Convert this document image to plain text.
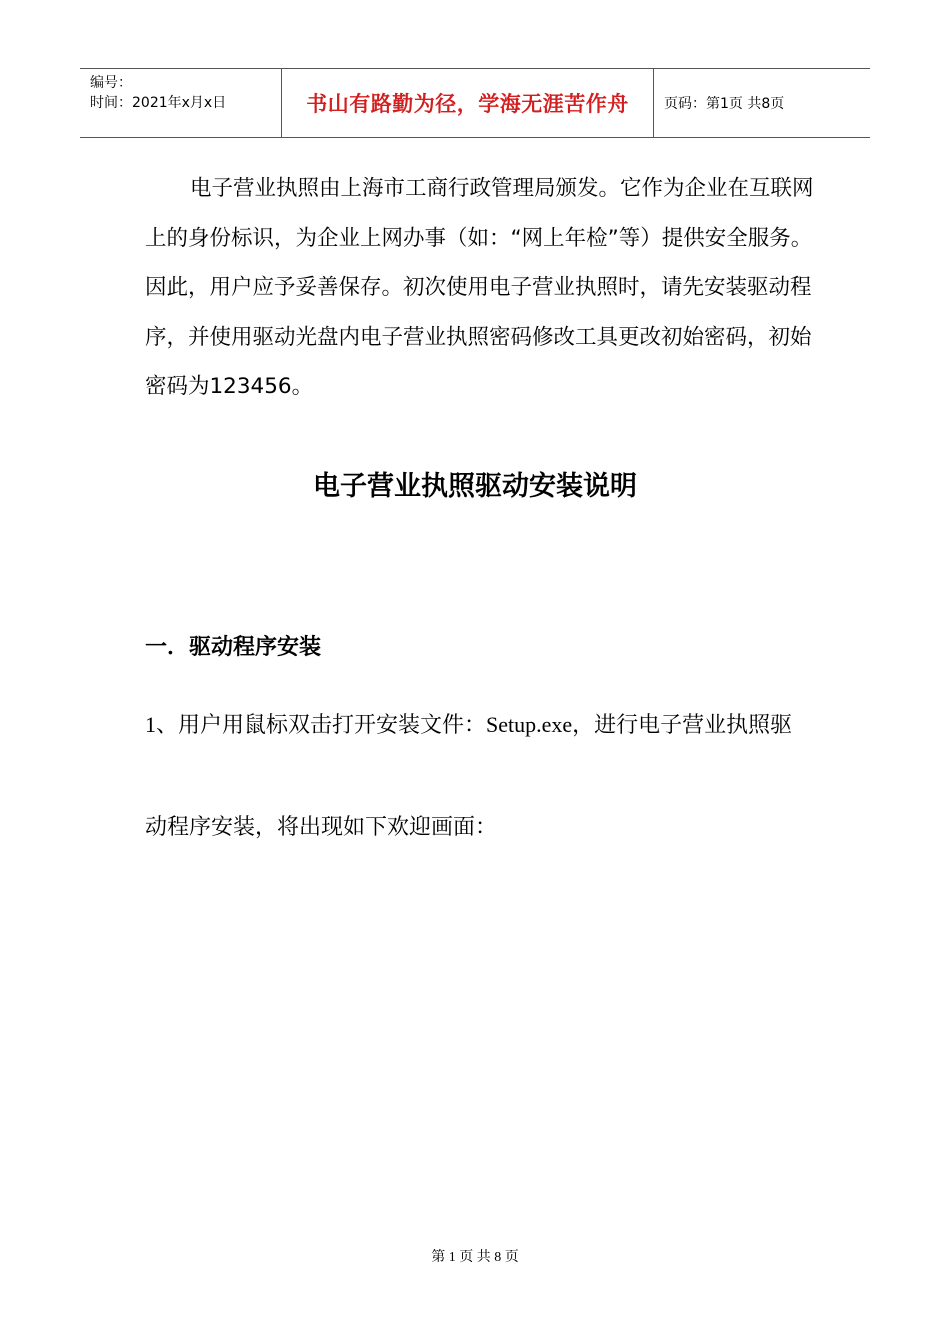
编号：
时间：2021年x月x日	书山有路勤为径，学海无涯苦作舟	页码：第1页 共8页

电子营业执照由上海市工商行政管理局颁发。它作为企业在互联网上的身份标识，为企业上网办事（如：“网上年检”等）提供安全服务。因此，用户应予妥善保存。初次使用电子营业执照时，请先安装驱动程序，并使用驱动光盘内电子营业执照密码修改工具更改初始密码，初始密码为123456。

电子营业执照驱动安装说明
一．驱动程序安装

1、用户用鼠标双击打开安装文件：Setup.exe，进行电子营业执照驱

动程序安装，将出现如下欢迎画面：

第 1 页 共 8 页
